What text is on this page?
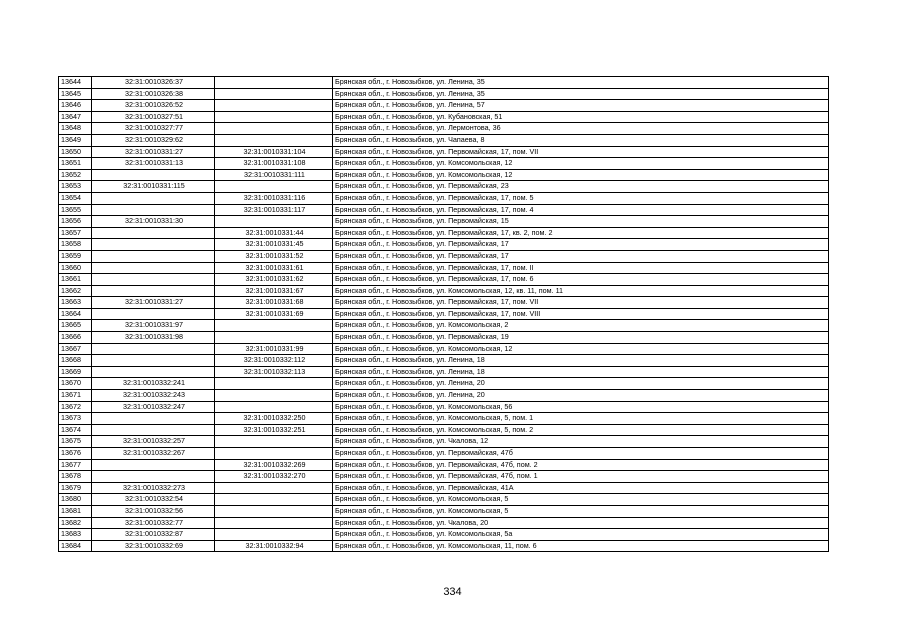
13644	32:31:0010326:37		Брянская обл., г. Новозыбков, ул. Ленина, 35
13645	32:31:0010326:38		Брянская обл., г. Новозыбков, ул. Ленина, 35
13646	32:31:0010326:52		Брянская обл., г. Новозыбков, ул. Ленина, 57
13647	32:31:0010327:51		Брянская обл., г. Новозыбков, ул. Кубановская, 51
13648	32:31:0010327:77		Брянская обл., г. Новозыбков, ул. Лермонтова, 36
13649	32:31:0010329:62		Брянская обл., г. Новозыбков, ул. Чапаева, 8
13650	32:31:0010331:27	32:31:0010331:104	Брянская обл., г. Новозыбков, ул. Первомайская, 17, пом. VII
13651	32:31:0010331:13	32:31:0010331:108	Брянская обл., г. Новозыбков, ул. Комсомольская, 12
13652		32:31:0010331:111	Брянская обл., г. Новозыбков, ул. Комсомольская, 12
13653	32:31:0010331:115		Брянская обл., г. Новозыбков, ул. Первомайская, 23
13654		32:31:0010331:116	Брянская обл., г. Новозыбков, ул. Первомайская, 17, пом. 5
13655		32:31:0010331:117	Брянская обл., г. Новозыбков, ул. Первомайская, 17, пом. 4
13656	32:31:0010331:30		Брянская обл., г. Новозыбков, ул. Первомайская, 15
13657		32:31:0010331:44	Брянская обл., г. Новозыбков, ул. Первомайская, 17, кв. 2, пом. 2
13658		32:31:0010331:45	Брянская обл., г. Новозыбков, ул. Первомайская, 17
13659		32:31:0010331:52	Брянская обл., г. Новозыбков, ул. Первомайская, 17
13660		32:31:0010331:61	Брянская обл., г. Новозыбков, ул. Первомайская, 17, пом. II
13661		32:31:0010331:62	Брянская обл., г. Новозыбков, ул. Первомайская, 17, пом. 6
13662		32:31:0010331:67	Брянская обл., г. Новозыбков, ул. Комсомольская, 12, кв. 11, пом. 11
13663	32:31:0010331:27	32:31:0010331:68	Брянская обл., г. Новозыбков, ул. Первомайская, 17, пом. VII
13664		32:31:0010331:69	Брянская обл., г. Новозыбков, ул. Первомайская, 17, пом. VIII
13665	32:31:0010331:97		Брянская обл., г. Новозыбков, ул. Комсомольская, 2
13666	32:31:0010331:98		Брянская обл., г. Новозыбков, ул. Первомайская, 19
13667		32:31:0010331:99	Брянская обл., г. Новозыбков, ул. Комсомольская, 12
13668		32:31:0010332:112	Брянская обл., г. Новозыбков, ул. Ленина, 18
13669		32:31:0010332:113	Брянская обл., г. Новозыбков, ул. Ленина, 18
13670	32:31:0010332:241		Брянская обл., г. Новозыбков, ул. Ленина, 20
13671	32:31:0010332:243		Брянская обл., г. Новозыбков, ул. Ленина, 20
13672	32:31:0010332:247		Брянская обл., г. Новозыбков, ул. Комсомольская, 56
13673		32:31:0010332:250	Брянская обл., г. Новозыбков, ул. Комсомольская, 5, пом. 1
13674		32:31:0010332:251	Брянская обл., г. Новозыбков, ул. Комсомольская, 5, пом. 2
13675	32:31:0010332:257		Брянская обл., г. Новозыбков, ул. Чкалова, 12
13676	32:31:0010332:267		Брянская обл., г. Новозыбков, ул. Первомайская, 47б
13677		32:31:0010332:269	Брянская обл., г. Новозыбков, ул. Первомайская, 47б, пом. 2
13678		32:31:0010332:270	Брянская обл., г. Новозыбков, ул. Первомайская, 47б, пом. 1
13679	32:31:0010332:273		Брянская обл., г. Новозыбков, ул. Первомайская, 41А
13680	32:31:0010332:54		Брянская обл., г. Новозыбков, ул. Комсомольская, 5
13681	32:31:0010332:56		Брянская обл., г. Новозыбков, ул. Комсомольская, 5
13682	32:31:0010332:77		Брянская обл., г. Новозыбков, ул. Чкалова, 20
13683	32:31:0010332:87		Брянская обл., г. Новозыбков, ул. Комсомольская, 5а
13684	32:31:0010332:69	32:31:0010332:94	Брянская обл., г. Новозыбков, ул. Комсомольская, 11, пом. 6
334
